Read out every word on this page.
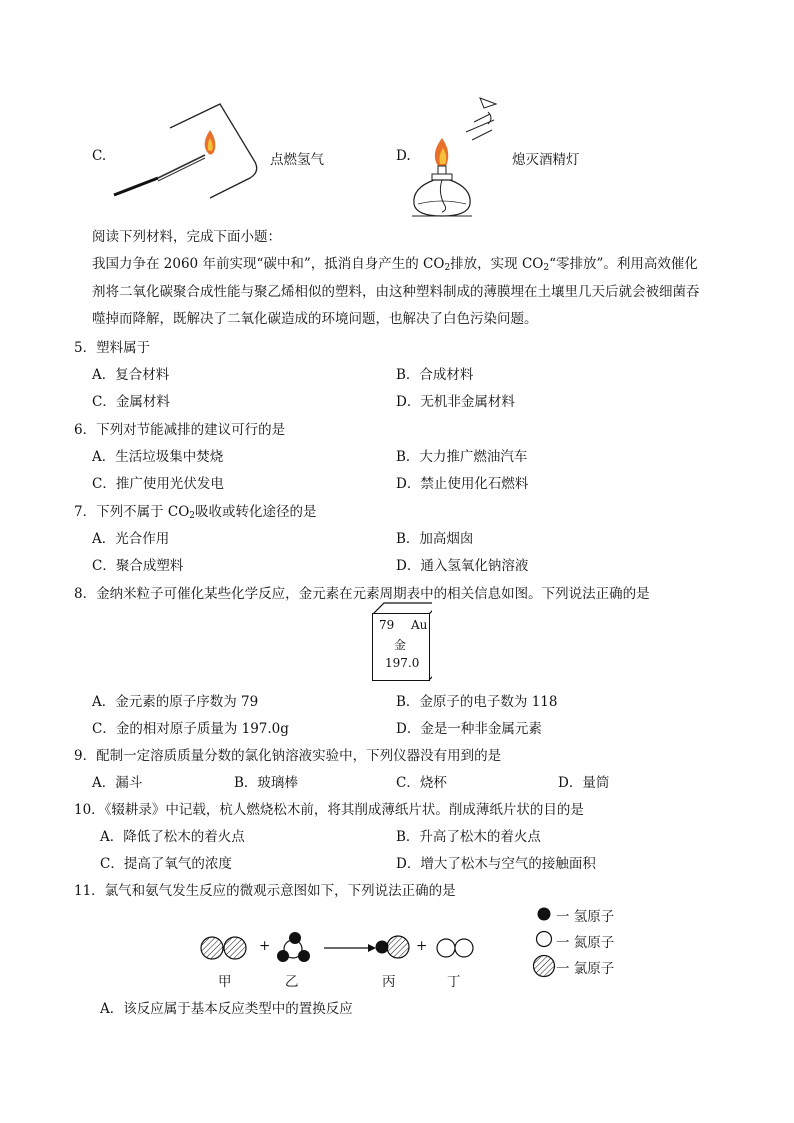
C.	点燃氢气	D.	熄灭酒精灯
阅读下列材料，完成下面小题：
我国力争在 2060 年前实现“碳中和”，抵消自身产生的 $CO_2$排放，实现 $CO_2“$零排放”。利用高效催化
剂将二氧化碳聚合成性能与聚乙烯相似的塑料，由这种塑料制成的薄膜埋在土壤里几天后就会被细菌吞
噬掉而降解，既解决了二氧化碳造成的环境问题，也解决了白色污染问题。
5．塑料属于
A．复合材料	B．合成材料
C．金属材料	D．无机非金属材料
6．下列对节能减排的建议可行的是
A．生活垃圾集中焚烧	B．大力推广燃油汽车
C．推广使用光伏发电	D．禁止使用化石燃料
7．下列不属于 $CO_2$吸收或转化途径的是
A．光合作用	B．加高烟囱
C．聚合成塑料	D．通入氢氧化钠溶液
8．金纳米粒子可催化某些化学反应，金元素在元素周期表中的相关信息如图。下列说法正确的是
79 Au
金
197.0
A．金元素的原子序数为 79	B．金原子的电子数为 118
C．金的相对原子质量为 197.0g	D．金是一种非金属元素
9．配制一定溶质质量分数的氯化钠溶液实验中，下列仪器没有用到的是
A．漏斗	B．玻璃棒	C．烧杯	D．量筒
10．《辍耕录》中记载，杭人燃烧松木前，将其削成薄纸片状。削成薄纸片状的目的是
A．降低了松木的着火点	B．升高了松木的着火点
C．提高了氧气的浓度	D．增大了松木与空气的接触面积
11．氯气和氨气发生反应的微观示意图如下，下列说法正确的是
一 氢原子
一 氮原子
一 氯原子
+	+
甲	乙	丙	丁
A．该反应属于基本反应类型中的置换反应
